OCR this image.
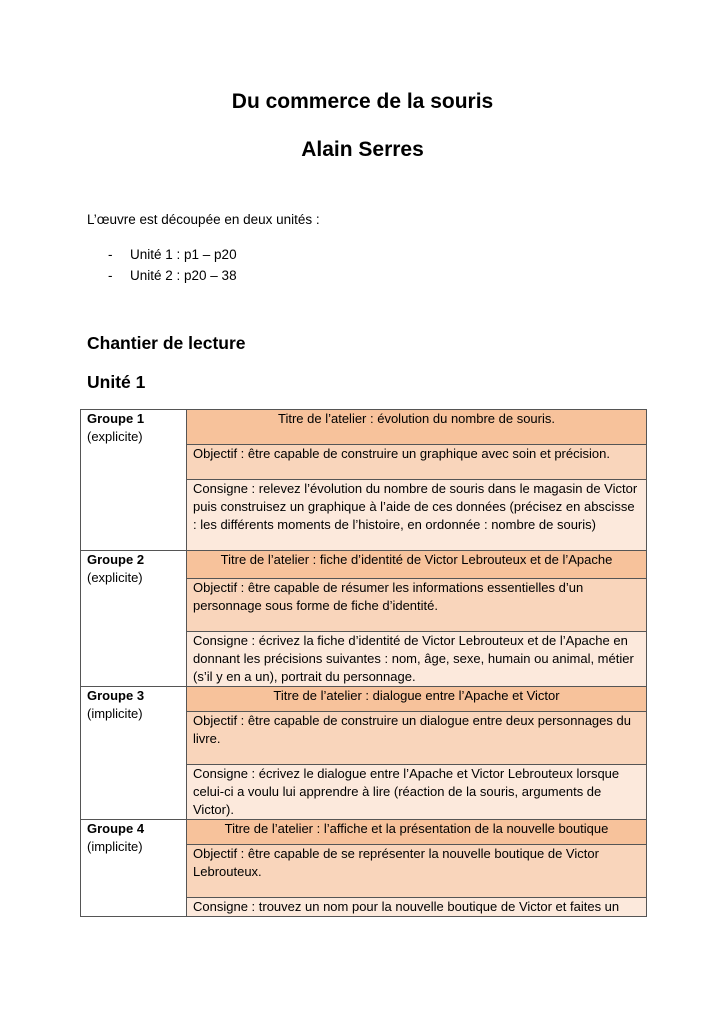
Du commerce de la souris
Alain Serres

L’œuvre est découpée en deux unités :

- Unité 1 : p1 – p20
- Unité 2 : p20 – 38
Chantier de lecture
Unité 1
Groupe 1
(explicite)	Titre de l’atelier : évolution du nombre de souris.
	Objectif : être capable de construire un graphique avec soin et précision.
	Consigne : relevez l’évolution du nombre de souris dans le magasin de Victor puis construisez un graphique à l’aide de ces données (précisez en abscisse : les différents moments de l’histoire, en ordonnée : nombre de souris)

Groupe 2
(explicite)	Titre de l’atelier : fiche d’identité de Victor Lebrouteux et de l’Apache
	Objectif : être capable de résumer les informations essentielles d’un personnage sous forme de fiche d’identité.
	Consigne : écrivez la fiche d’identité de Victor Lebrouteux et de l’Apache en donnant les précisions suivantes : nom, âge, sexe, humain ou animal, métier (s’il y en a un), portrait du personnage.

Groupe 3
(implicite)	Titre de l’atelier : dialogue entre l’Apache et Victor
	Objectif : être capable de construire un dialogue entre deux personnages du livre.
	Consigne : écrivez le dialogue entre l’Apache et Victor Lebrouteux lorsque celui-ci a voulu lui apprendre à lire (réaction de la souris, arguments de Victor).

Groupe 4
(implicite)	Titre de l’atelier : l’affiche et la présentation de la nouvelle boutique
	Objectif : être capable de se représenter la nouvelle boutique de Victor Lebrouteux.
	Consigne : trouvez un nom pour la nouvelle boutique de Victor et faites un
